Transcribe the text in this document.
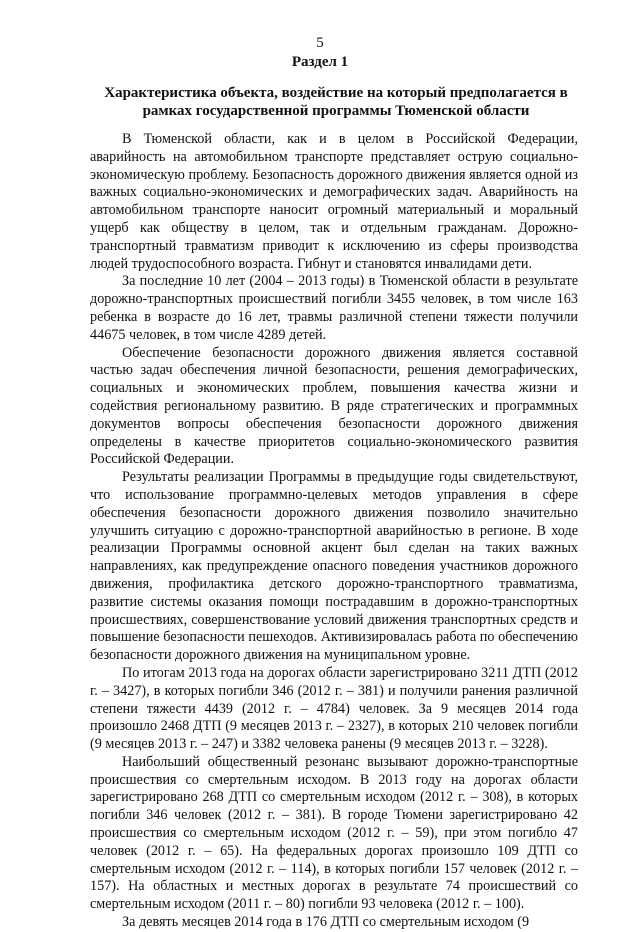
5
Раздел 1
Характеристика объекта, воздействие на который предполагается в рамках государственной программы Тюменской области

В Тюменской области, как и в целом в Российской Федерации, аварийность на автомобильном транспорте представляет острую социально-экономическую проблему. Безопасность дорожного движения является одной из важных социально-экономических и демографических задач. Аварийность на автомобильном транспорте наносит огромный материальный и моральный ущерб как обществу в целом, так и отдельным гражданам. Дорожно-транспортный травматизм приводит к исключению из сферы производства людей трудоспособного возраста. Гибнут и становятся инвалидами дети.

За последние 10 лет (2004 – 2013 годы) в Тюменской области в результате дорожно-транспортных происшествий погибли 3455 человек, в том числе 163 ребенка в возрасте до 16 лет, травмы различной степени тяжести получили 44675 человек, в том числе 4289 детей.

Обеспечение безопасности дорожного движения является составной частью задач обеспечения личной безопасности, решения демографических, социальных и экономических проблем, повышения качества жизни и содействия региональному развитию. В ряде стратегических и программных документов вопросы обеспечения безопасности дорожного движения определены в качестве приоритетов социально-экономического развития Российской Федерации.

Результаты реализации Программы в предыдущие годы свидетельствуют, что использование программно-целевых методов управления в сфере обеспечения безопасности дорожного движения позволило значительно улучшить ситуацию с дорожно-транспортной аварийностью в регионе. В ходе реализации Программы основной акцент был сделан на таких важных направлениях, как предупреждение опасного поведения участников дорожного движения, профилактика детского дорожно-транспортного травматизма, развитие системы оказания помощи пострадавшим в дорожно-транспортных происшествиях, совершенствование условий движения транспортных средств и повышение безопасности пешеходов. Активизировалась работа по обеспечению безопасности дорожного движения на муниципальном уровне.

По итогам 2013 года на дорогах области зарегистрировано 3211 ДТП (2012 г. – 3427), в которых погибли 346 (2012 г. – 381) и получили ранения различной степени тяжести 4439 (2012 г. – 4784) человек. За 9 месяцев 2014 года произошло 2468 ДТП (9 месяцев 2013 г. – 2327), в которых 210 человек погибли (9 месяцев 2013 г. – 247) и 3382 человека ранены (9 месяцев 2013 г. – 3228).

Наибольший общественный резонанс вызывают дорожно-транспортные происшествия со смертельным исходом. В 2013 году на дорогах области зарегистрировано 268 ДТП со смертельным исходом (2012 г. – 308), в которых погибли 346 человек (2012 г. – 381). В городе Тюмени зарегистрировано 42 происшествия со смертельным исходом (2012 г. – 59), при этом погибло 47 человек (2012 г. – 65). На федеральных дорогах произошло 109 ДТП со смертельным исходом (2012 г. – 114), в которых погибли 157 человек (2012 г. – 157). На областных и местных дорогах в результате 74 происшествий со смертельным исходом (2011 г. – 80) погибли 93 человека (2012 г. – 100).

За девять месяцев 2014 года в 176 ДТП со смертельным исходом (9
